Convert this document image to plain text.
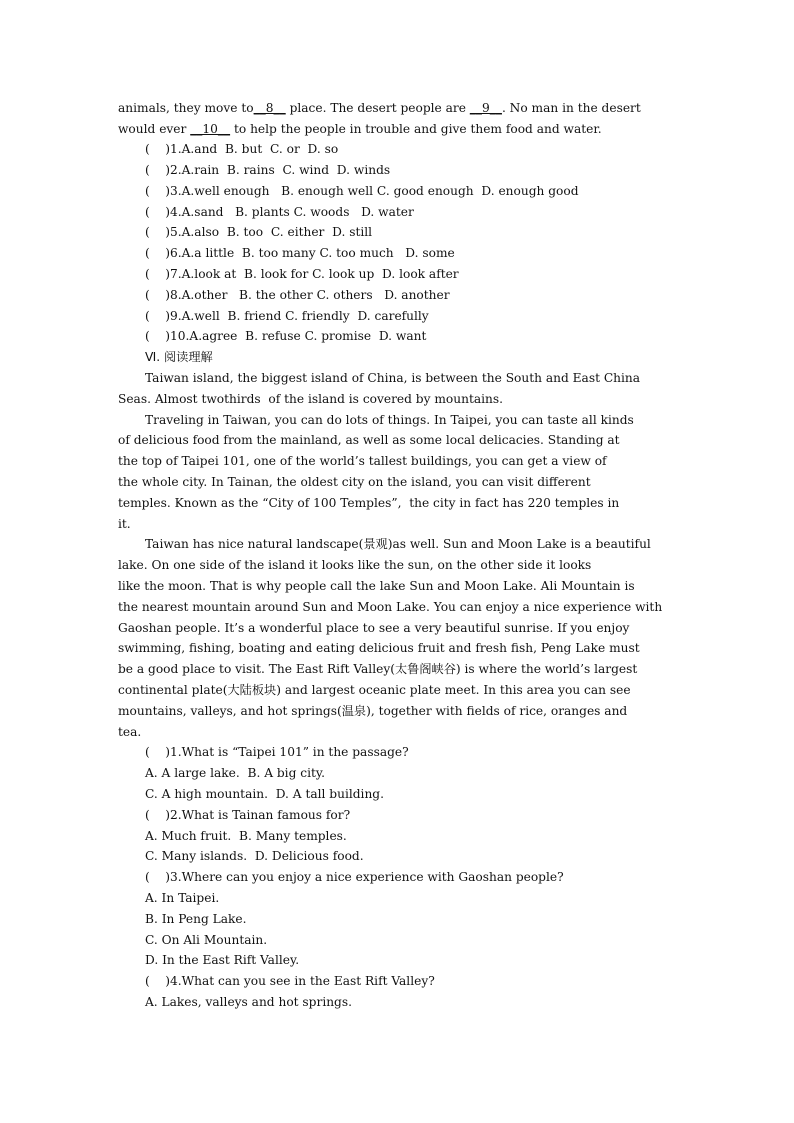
animals, they move to__8__ place. The desert people are __9__. No man in the desert
would ever __10__ to help the people in trouble and give them food and water.
(    )1.A.and  B. but  C. or  D. so
(    )2.A.rain  B. rains  C. wind  D. winds
(    )3.A.well enough   B. enough well C. good enough  D. enough good
(    )4.A.sand   B. plants C. woods   D. water
(    )5.A.also  B. too  C. either  D. still
(    )6.A.a little  B. too many C. too much   D. some
(    )7.A.look at  B. look for C. look up  D. look after
(    )8.A.other   B. the other C. others   D. another
(    )9.A.well  B. friend C. friendly  D. carefully
(    )10.A.agree  B. refuse C. promise  D. want
Ⅵ. 阅读理解
Taiwan island, the biggest island of China, is between the South and East China
Seas. Almost twothirds  of the island is covered by mountains.
Traveling in Taiwan, you can do lots of things. In Taipei, you can taste all kinds
of delicious food from the mainland, as well as some local delicacies. Standing at
the top of Taipei 101, one of the world’s tallest buildings, you can get a view of
the whole city. In Tainan, the oldest city on the island, you can visit different
temples. Known as the “City of 100 Temples”,  the city in fact has 220 temples in
it.
Taiwan has nice natural landscape(景观)as well. Sun and Moon Lake is a beautiful
lake. On one side of the island it looks like the sun, on the other side it looks
like the moon. That is why people call the lake Sun and Moon Lake. Ali Mountain is
the nearest mountain around Sun and Moon Lake. You can enjoy a nice experience with
Gaoshan people. It’s a wonderful place to see a very beautiful sunrise. If you enjoy
swimming, fishing, boating and eating delicious fruit and fresh fish, Peng Lake must
be a good place to visit. The East Rift Valley(太鲁阁峡谷) is where the world’s largest
continental plate(大陆板块) and largest oceanic plate meet. In this area you can see
mountains, valleys, and hot springs(温泉), together with fields of rice, oranges and
tea.
(    )1.What is “Taipei 101” in the passage?
A. A large lake.  B. A big city.
C. A high mountain.  D. A tall building.
(    )2.What is Tainan famous for?
A. Much fruit.  B. Many temples.
C. Many islands.  D. Delicious food.
(    )3.Where can you enjoy a nice experience with Gaoshan people?
A. In Taipei.
B. In Peng Lake.
C. On Ali Mountain.
D. In the East Rift Valley.
(    )4.What can you see in the East Rift Valley?
A. Lakes, valleys and hot springs.
